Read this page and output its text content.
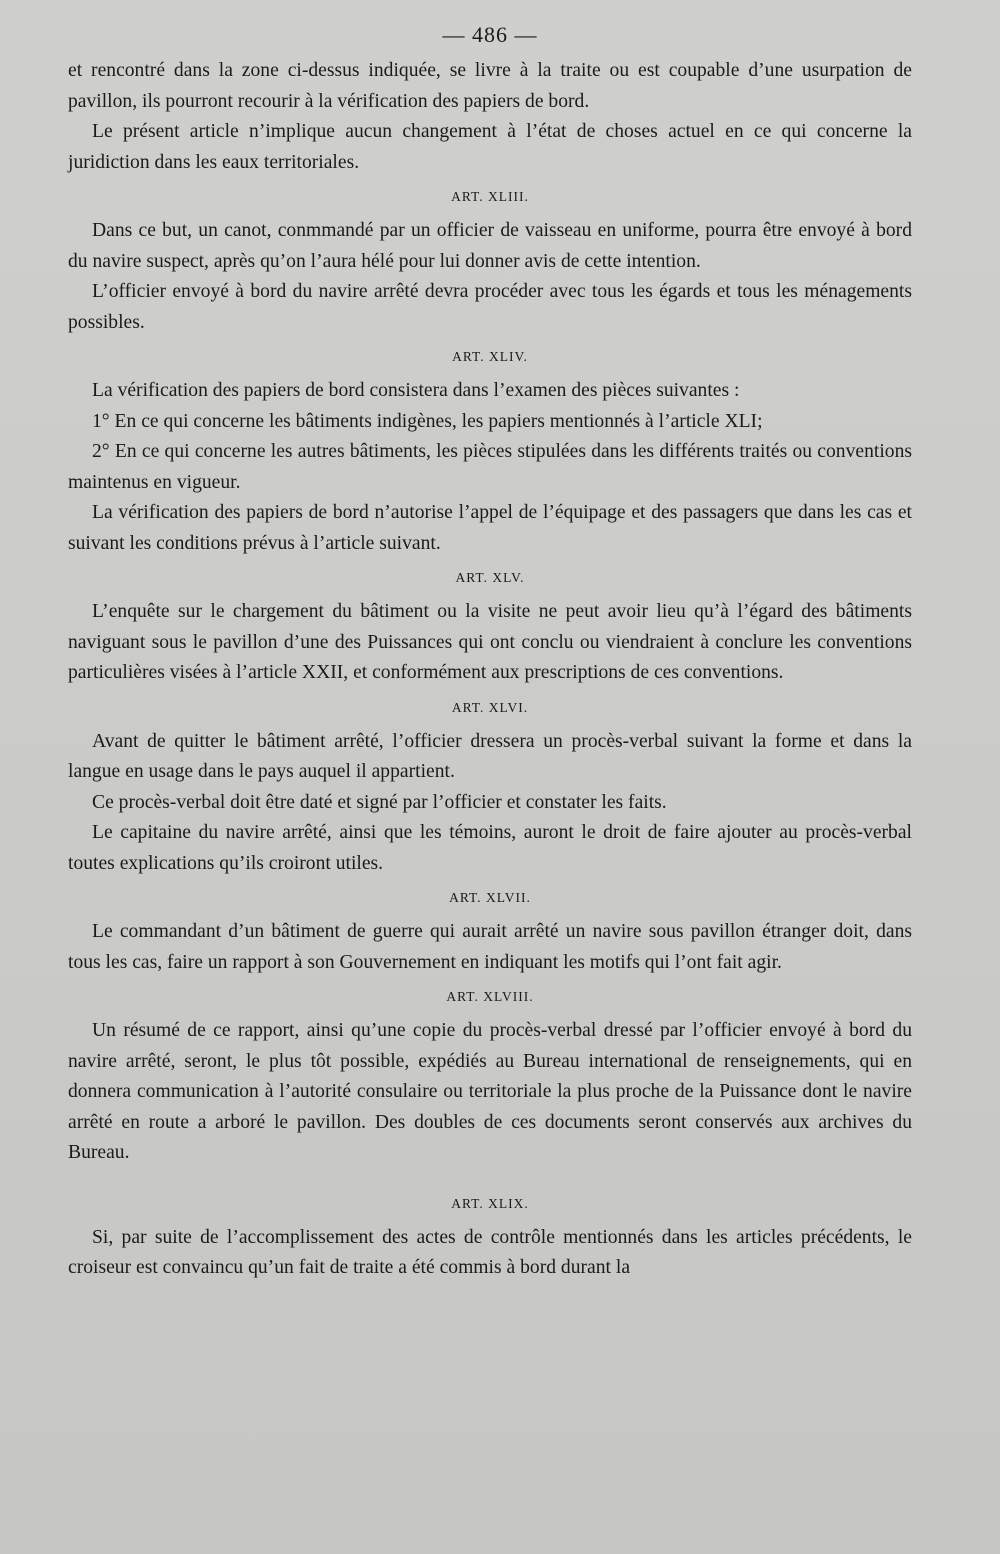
— 486 —

et rencontré dans la zone ci-dessus indiquée, se livre à la traite ou est coupable d’une usurpation de pavillon, ils pourront recourir à la vérification des papiers de bord.

Le présent article n’implique aucun changement à l’état de choses actuel en ce qui concerne la juridiction dans les eaux territoriales.

ART. XLIII.

Dans ce but, un canot, conmmandé par un officier de vaisseau en uniforme, pourra être envoyé à bord du navire suspect, après qu’on l’aura hélé pour lui donner avis de cette intention.

L’officier envoyé à bord du navire arrêté devra procéder avec tous les égards et tous les ménagements possibles.

ART. XLIV.

La vérification des papiers de bord consistera dans l’examen des pièces suivantes :

1° En ce qui concerne les bâtiments indigènes, les papiers mentionnés à l’article XLI;

2° En ce qui concerne les autres bâtiments, les pièces stipulées dans les différents traités ou conventions maintenus en vigueur.

La vérification des papiers de bord n’autorise l’appel de l’équipage et des passagers que dans les cas et suivant les conditions prévus à l’article suivant.

ART. XLV.

L’enquête sur le chargement du bâtiment ou la visite ne peut avoir lieu qu’à l’égard des bâtiments naviguant sous le pavillon d’une des Puissances qui ont conclu ou viendraient à conclure les conventions particulières visées à l’article XXII, et conformément aux prescriptions de ces conventions.

ART. XLVI.

Avant de quitter le bâtiment arrêté, l’officier dressera un procès-verbal suivant la forme et dans la langue en usage dans le pays auquel il appartient.

Ce procès-verbal doit être daté et signé par l’officier et constater les faits.

Le capitaine du navire arrêté, ainsi que les témoins, auront le droit de faire ajouter au procès-verbal toutes explications qu’ils croiront utiles.

ART. XLVII.

Le commandant d’un bâtiment de guerre qui aurait arrêté un navire sous pavillon étranger doit, dans tous les cas, faire un rapport à son Gouvernement en indiquant les motifs qui l’ont fait agir.

ART. XLVIII.

Un résumé de ce rapport, ainsi qu’une copie du procès-verbal dressé par l’officier envoyé à bord du navire arrêté, seront, le plus tôt possible, expédiés au Bureau international de renseignements, qui en donnera communication à l’autorité consulaire ou territoriale la plus proche de la Puissance dont le navire arrêté en route a arboré le pavillon. Des doubles de ces documents seront conservés aux archives du Bureau.

ART. XLIX.

Si, par suite de l’accomplissement des actes de contrôle mentionnés dans les articles précédents, le croiseur est convaincu qu’un fait de traite a été commis à bord durant la
